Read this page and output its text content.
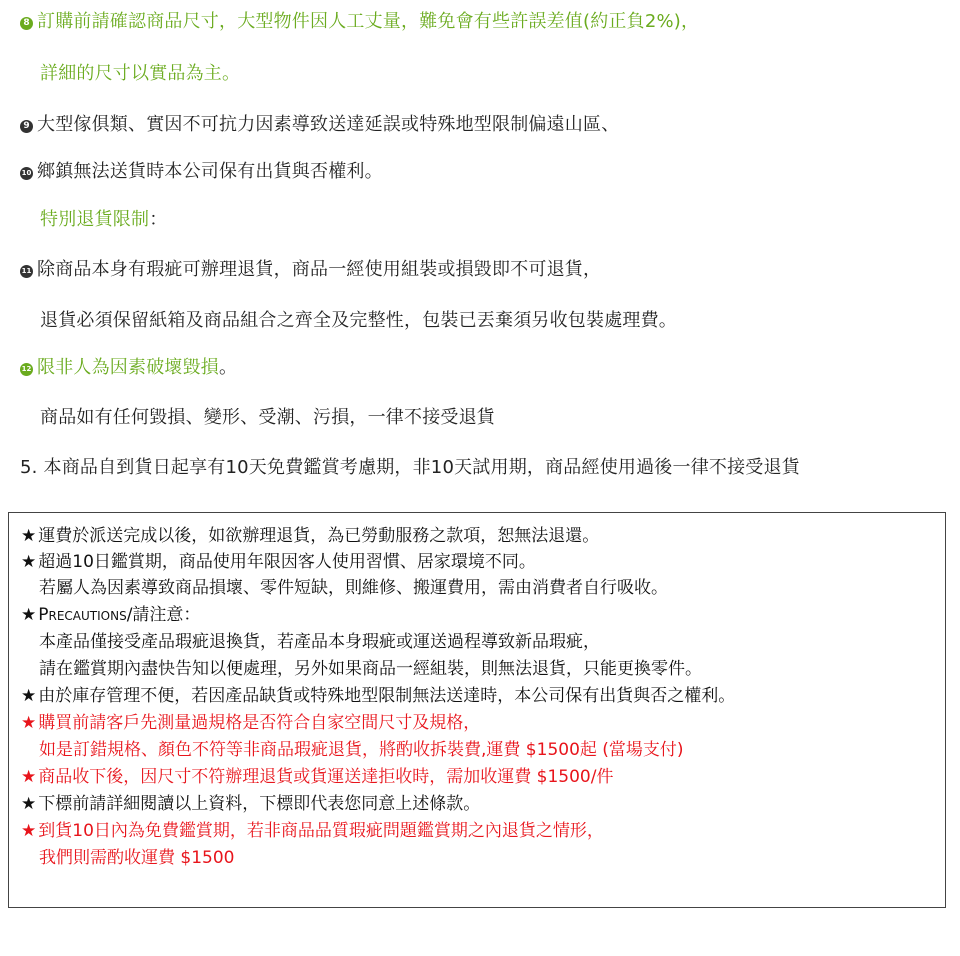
8 訂購前請確認商品尺寸，大型物件因人工丈量，難免會有些許誤差值(約正負2%)，
詳細的尺寸以實品為主。
9 大型傢俱類、實因不可抗力因素導致送達延誤或特殊地型限制偏遠山區、
10 鄉鎮無法送貨時本公司保有出貨與否權利。
特別退貨限制：
11 除商品本身有瑕疵可辦理退貨，商品一經使用組裝或損毀即不可退貨，
退貨必須保留紙箱及商品組合之齊全及完整性，包裝已丟棄須另收包裝處理費。
12 限非人為因素破壞毀損。
商品如有任何毀損、變形、受潮、污損，一律不接受退貨
5. 本商品自到貨日起享有10天免費鑑賞考慮期，非10天試用期，商品經使用過後一律不接受退貨
★ 運費於派送完成以後，如欲辦理退貨，為已勞動服務之款項，恕無法退還。
★ 超過10日鑑賞期，商品使用年限因客人使用習慣、居家環境不同。
若屬人為因素導致商品損壞、零件短缺，則維修、搬運費用，需由消費者自行吸收。
★ Precautions/請注意：
本產品僅接受產品瑕疵退換貨，若產品本身瑕疵或運送過程導致新品瑕疵，
請在鑑賞期內盡快告知以便處理，另外如果商品一經組裝，則無法退貨，只能更換零件。
★ 由於庫存管理不便，若因產品缺貨或特殊地型限制無法送達時，本公司保有出貨與否之權利。
★ 購買前請客戶先測量過規格是否符合自家空間尺寸及規格，
如是訂錯規格、顏色不符等非商品瑕疵退貨，將酌收拆裝費,運費 $1500起 (當場支付)
★ 商品收下後，因尺寸不符辦理退貨或貨運送達拒收時，需加收運費 $1500/件
★ 下標前請詳細閱讀以上資料，下標即代表您同意上述條款。
★ 到貨10日內為免費鑑賞期，若非商品品質瑕疵問題鑑賞期之內退貨之情形，
我們則需酌收運費 $1500
